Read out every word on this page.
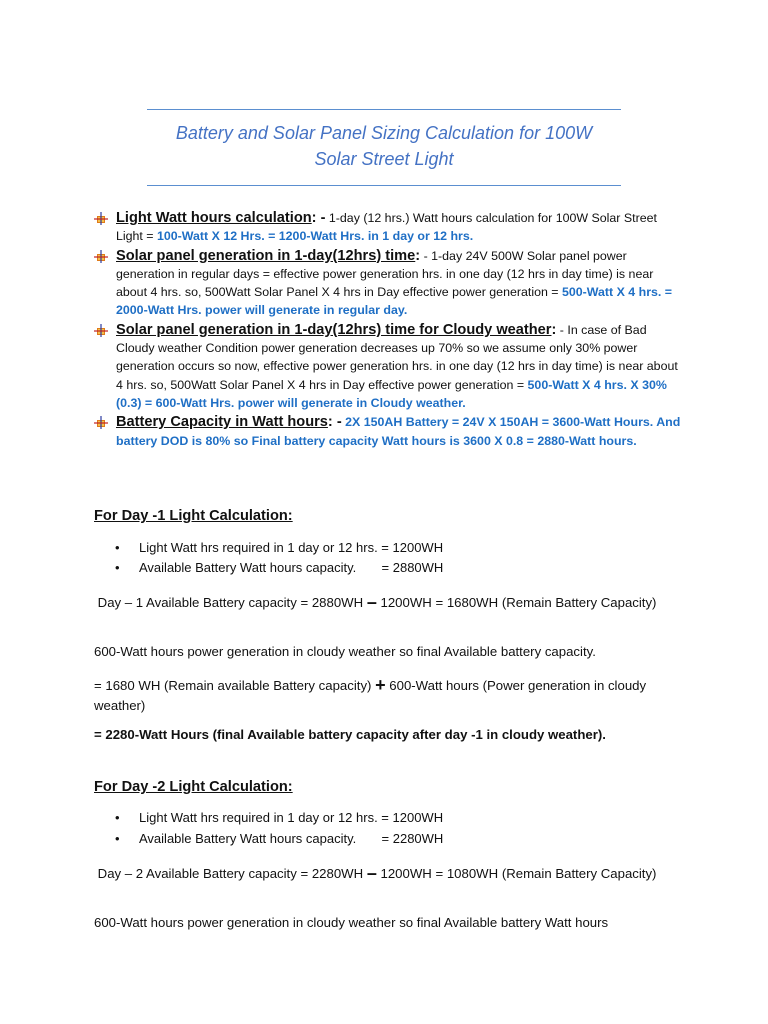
Battery and Solar Panel Sizing Calculation for 100W
Solar Street Light
Light Watt hours calculation: - 1-day (12 hrs.) Watt hours calculation for 100W Solar Street Light = 100-Watt X 12 Hrs. = 1200-Watt Hrs. in 1 day or 12 hrs.
Solar panel generation in 1-day(12hrs) time: - 1-day 24V 500W Solar panel power generation in regular days = effective power generation hrs. in one day (12 hrs in day time) is near about 4 hrs. so, 500Watt Solar Panel X 4 hrs in Day effective power generation = 500-Watt X 4 hrs. = 2000-Watt Hrs. power will generate in regular day.
Solar panel generation in 1-day(12hrs) time for Cloudy weather: - In case of Bad Cloudy weather Condition power generation decreases up 70% so we assume only 30% power generation occurs so now, effective power generation hrs. in one day (12 hrs in day time) is near about 4 hrs. so, 500Watt Solar Panel X 4 hrs in Day effective power generation = 500-Watt X 4 hrs. X 30% (0.3) = 600-Watt Hrs. power will generate in Cloudy weather.
Battery Capacity in Watt hours: - 2X 150AH Battery = 24V X 150AH = 3600-Watt Hours. And battery DOD is 80% so Final battery capacity Watt hours is 3600 X 0.8 = 2880-Watt hours.
For Day -1 Light Calculation:
• Light Watt hrs required in 1 day or 12 hrs. = 1200WH
• Available Battery Watt hours capacity.       = 2880WH
Day – 1 Available Battery capacity = 2880WH – 1200WH = 1680WH (Remain Battery Capacity)
600-Watt hours power generation in cloudy weather so final Available battery capacity.
= 1680 WH (Remain available Battery capacity) + 600-Watt hours (Power generation in cloudy weather)
= 2280-Watt Hours (final Available battery capacity after day -1 in cloudy weather).
For Day -2 Light Calculation:
• Light Watt hrs required in 1 day or 12 hrs. = 1200WH
• Available Battery Watt hours capacity.       = 2280WH
Day – 2 Available Battery capacity = 2280WH – 1200WH = 1080WH (Remain Battery Capacity)
600-Watt hours power generation in cloudy weather so final Available battery Watt hours
